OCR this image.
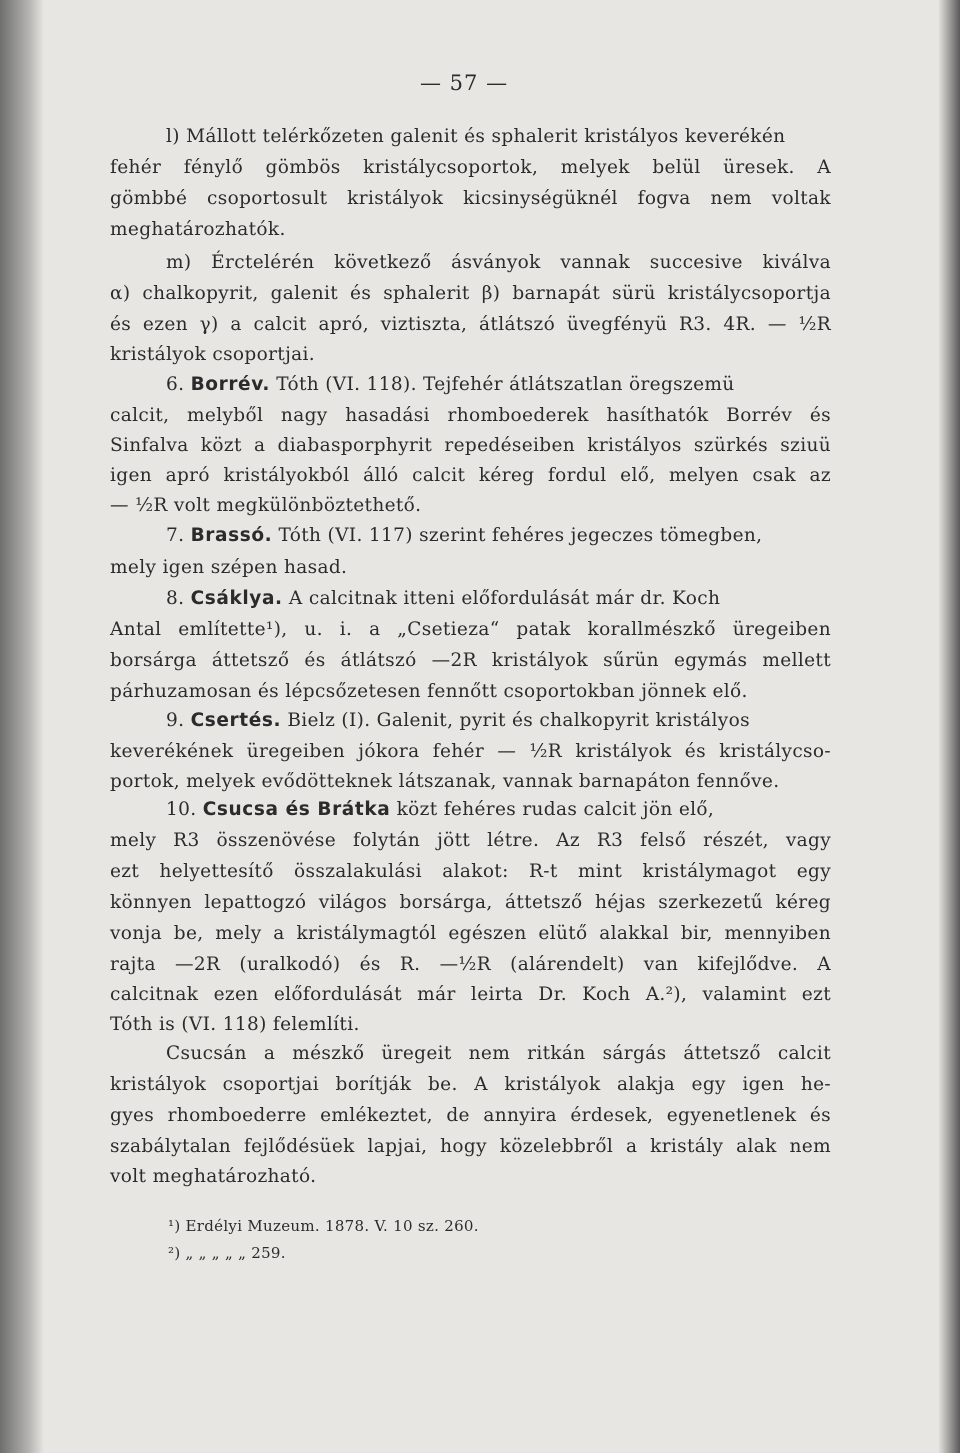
— 57 —
l) Mállott telérkőzeten galenit és sphalerit kristályos keverékén
fehér fénylő gömbös kristálycsoportok, melyek belül üresek. A
gömbbé csoportosult kristályok kicsinységüknél fogva nem voltak
meghatározhatók.
m) Érctelérén következő ásványok vannak succesive kiválva
α) chalkopyrit, galenit és sphalerit β) barnapát sürü kristálycsoportja
és ezen γ) a calcit apró, viztiszta, átlátszó üvegfényü R3. 4R. — ½R
kristályok csoportjai.
6. Borrév. Tóth (VI. 118). Tejfehér átlátszatlan öregszemü
calcit, melyből nagy hasadási rhomboederek hasíthatók Borrév és
Sinfalva közt a diabasporphyrit repedéseiben kristályos szürkés sziuü
igen apró kristályokból álló calcit kéreg fordul elő, melyen csak az
— ½R volt megkülönböztethető.
7. Brassó. Tóth (VI. 117) szerint fehéres jegeczes tömegben,
mely igen szépen hasad.
8. Csáklya. A calcitnak itteni előfordulását már dr. Koch
Antal említette¹), u. i. a „Csetieza“ patak korallmészkő üregeiben
borsárga áttetsző és átlátszó —2R kristályok sűrün egymás mellett
párhuzamosan és lépcsőzetesen fennőtt csoportokban jönnek elő.
9. Csertés. Bielz (I). Galenit, pyrit és chalkopyrit kristályos
keverékének üregeiben jókora fehér — ½R kristályok és kristálycso-
portok, melyek evődötteknek látszanak, vannak barnapáton fennőve.
10. Csucsa és Brátka közt fehéres rudas calcit jön elő,
mely R3 összenövése folytán jött létre. Az R3 felső részét, vagy
ezt helyettesítő összalakulási alakot: R-t mint kristálymagot egy
könnyen lepattogzó világos borsárga, áttetsző héjas szerkezetű kéreg
vonja be, mely a kristálymagtól egészen elütő alakkal bir, mennyiben
rajta —2R (uralkodó) és R. —½R (alárendelt) van kifejlődve. A
calcitnak ezen előfordulását már leirta Dr. Koch A.²), valamint ezt
Tóth is (VI. 118) felemlíti.
Csucsán a mészkő üregeit nem ritkán sárgás áttetsző calcit
kristályok csoportjai borítják be. A kristályok alakja egy igen he-
gyes rhomboederre emlékeztet, de annyira érdesek, egyenetlenek és
szabálytalan fejlődésüek lapjai, hogy közelebbről a kristály alak nem
volt meghatározható.
¹) Erdélyi Muzeum. 1878. V. 10 sz. 260.
²) „ „ „ „ „ 259.
